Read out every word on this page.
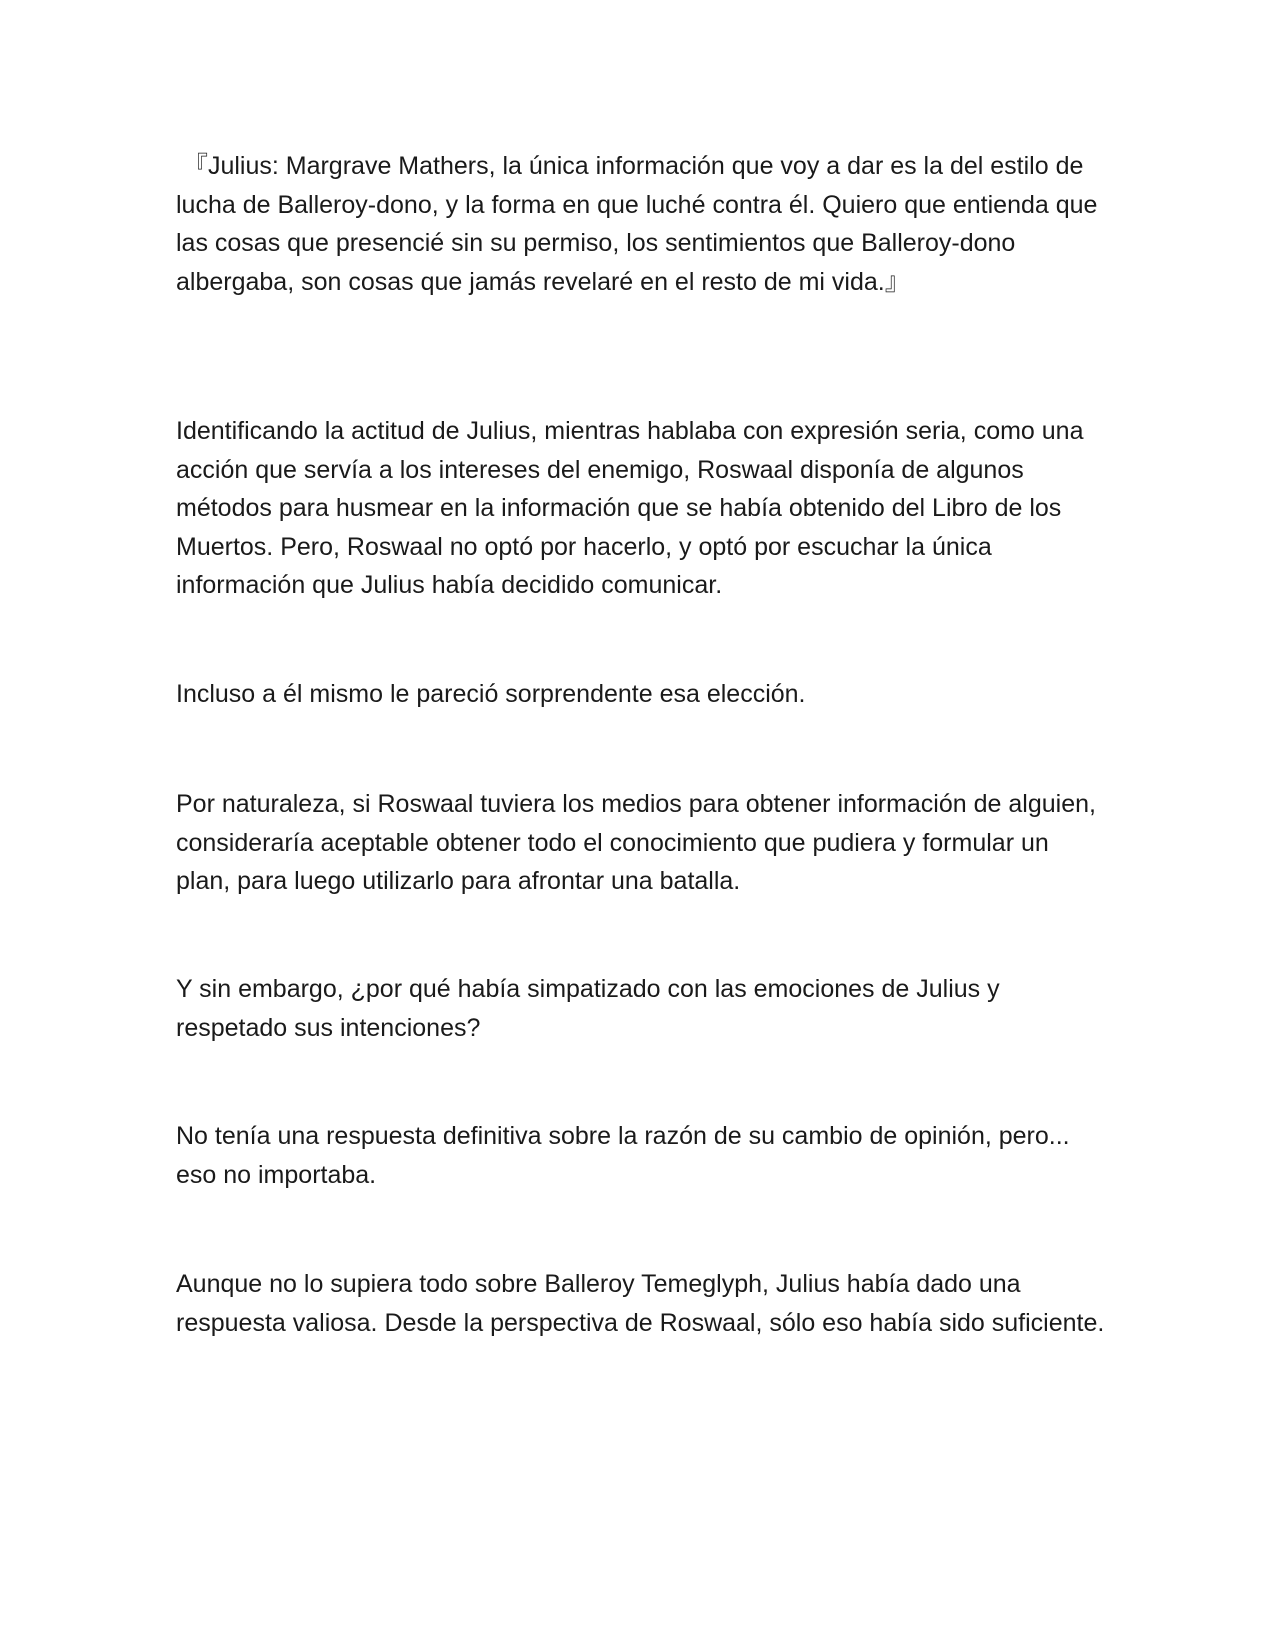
『Julius: Margrave Mathers, la única información que voy a dar es la del estilo de lucha de Balleroy-dono, y la forma en que luché contra él. Quiero que entienda que las cosas que presencié sin su permiso, los sentimientos que Balleroy-dono albergaba, son cosas que jamás revelaré en el resto de mi vida.』

Identificando la actitud de Julius, mientras hablaba con expresión seria, como una acción que servía a los intereses del enemigo, Roswaal disponía de algunos métodos para husmear en la información que se había obtenido del Libro de los Muertos. Pero, Roswaal no optó por hacerlo, y optó por escuchar la única información que Julius había decidido comunicar.

Incluso a él mismo le pareció sorprendente esa elección.

Por naturaleza, si Roswaal tuviera los medios para obtener información de alguien, consideraría aceptable obtener todo el conocimiento que pudiera y formular un plan, para luego utilizarlo para afrontar una batalla.

Y sin embargo, ¿por qué había simpatizado con las emociones de Julius y respetado sus intenciones?

No tenía una respuesta definitiva sobre la razón de su cambio de opinión, pero... eso no importaba.

Aunque no lo supiera todo sobre Balleroy Temeglyph, Julius había dado una respuesta valiosa. Desde la perspectiva de Roswaal, sólo eso había sido suficiente.
